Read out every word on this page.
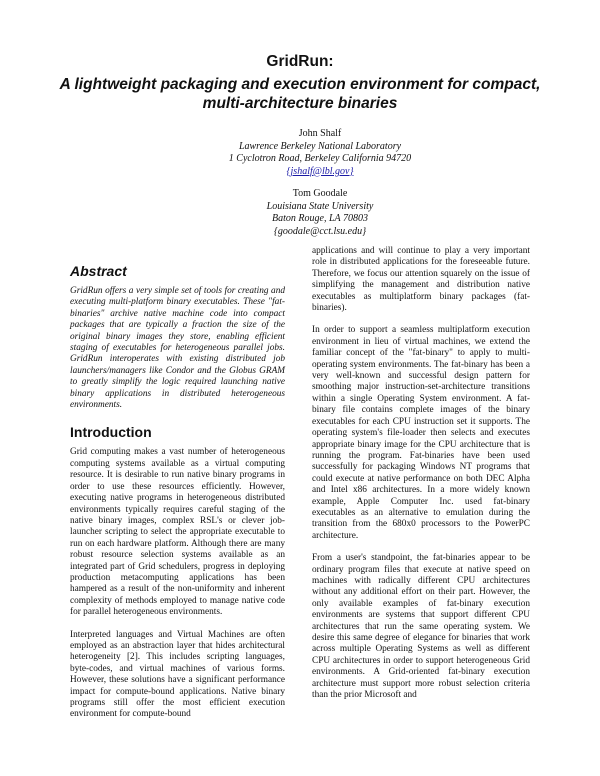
GridRun:
A lightweight packaging and execution environment for compact, multi-architecture binaries
John Shalf
Lawrence Berkeley National Laboratory
1 Cyclotron Road, Berkeley California 94720
{jshalf@lbl.gov}
Tom Goodale
Louisiana State University
Baton Rouge, LA 70803
{goodale@cct.lsu.edu}
Abstract

GridRun offers a very simple set of tools for creating and executing multi-platform binary executables. These "fat-binaries" archive native machine code into compact packages that are typically a fraction the size of the original binary images they store, enabling efficient staging of executables for heterogeneous parallel jobs. GridRun interoperates with existing distributed job launchers/managers like Condor and the Globus GRAM to greatly simplify the logic required launching native binary applications in distributed heterogeneous environments.

Introduction

Grid computing makes a vast number of heterogeneous computing systems available as a virtual computing resource. It is desirable to run native binary programs in order to use these resources efficiently. However, executing native programs in heterogeneous distributed environments typically requires careful staging of the native binary images, complex RSL's or clever job-launcher scripting to select the appropriate executable to run on each hardware platform. Although there are many robust resource selection systems available as an integrated part of Grid schedulers, progress in deploying production metacomputing applications has been hampered as a result of the non-uniformity and inherent complexity of methods employed to manage native code for parallel heterogeneous environments.

Interpreted languages and Virtual Machines are often employed as an abstraction layer that hides architectural heterogeneity [2]. This includes scripting languages, byte-codes, and virtual machines of various forms. However, these solutions have a significant performance impact for compute-bound applications. Native binary programs still offer the most efficient execution environment for compute-bound

applications and will continue to play a very important role in distributed applications for the foreseeable future. Therefore, we focus our attention squarely on the issue of simplifying the management and distribution native executables as multiplatform binary packages (fat-binaries).

In order to support a seamless multiplatform execution environment in lieu of virtual machines, we extend the familiar concept of the "fat-binary" to apply to multi-operating system environments. The fat-binary has been a very well-known and successful design pattern for smoothing major instruction-set-architecture transitions within a single Operating System environment. A fat-binary file contains complete images of the binary executables for each CPU instruction set it supports. The operating system's file-loader then selects and executes appropriate binary image for the CPU architecture that is running the program. Fat-binaries have been used successfully for packaging Windows NT programs that could execute at native performance on both DEC Alpha and Intel x86 architectures. In a more widely known example, Apple Computer Inc. used fat-binary executables as an alternative to emulation during the transition from the 680x0 processors to the PowerPC architecture.

From a user's standpoint, the fat-binaries appear to be ordinary program files that execute at native speed on machines with radically different CPU architectures without any additional effort on their part. However, the only available examples of fat-binary execution environments are systems that support different CPU architectures that run the same operating system. We desire this same degree of elegance for binaries that work across multiple Operating Systems as well as different CPU architectures in order to support heterogeneous Grid environments. A Grid-oriented fat-binary execution architecture must support more robust selection criteria than the prior Microsoft and
